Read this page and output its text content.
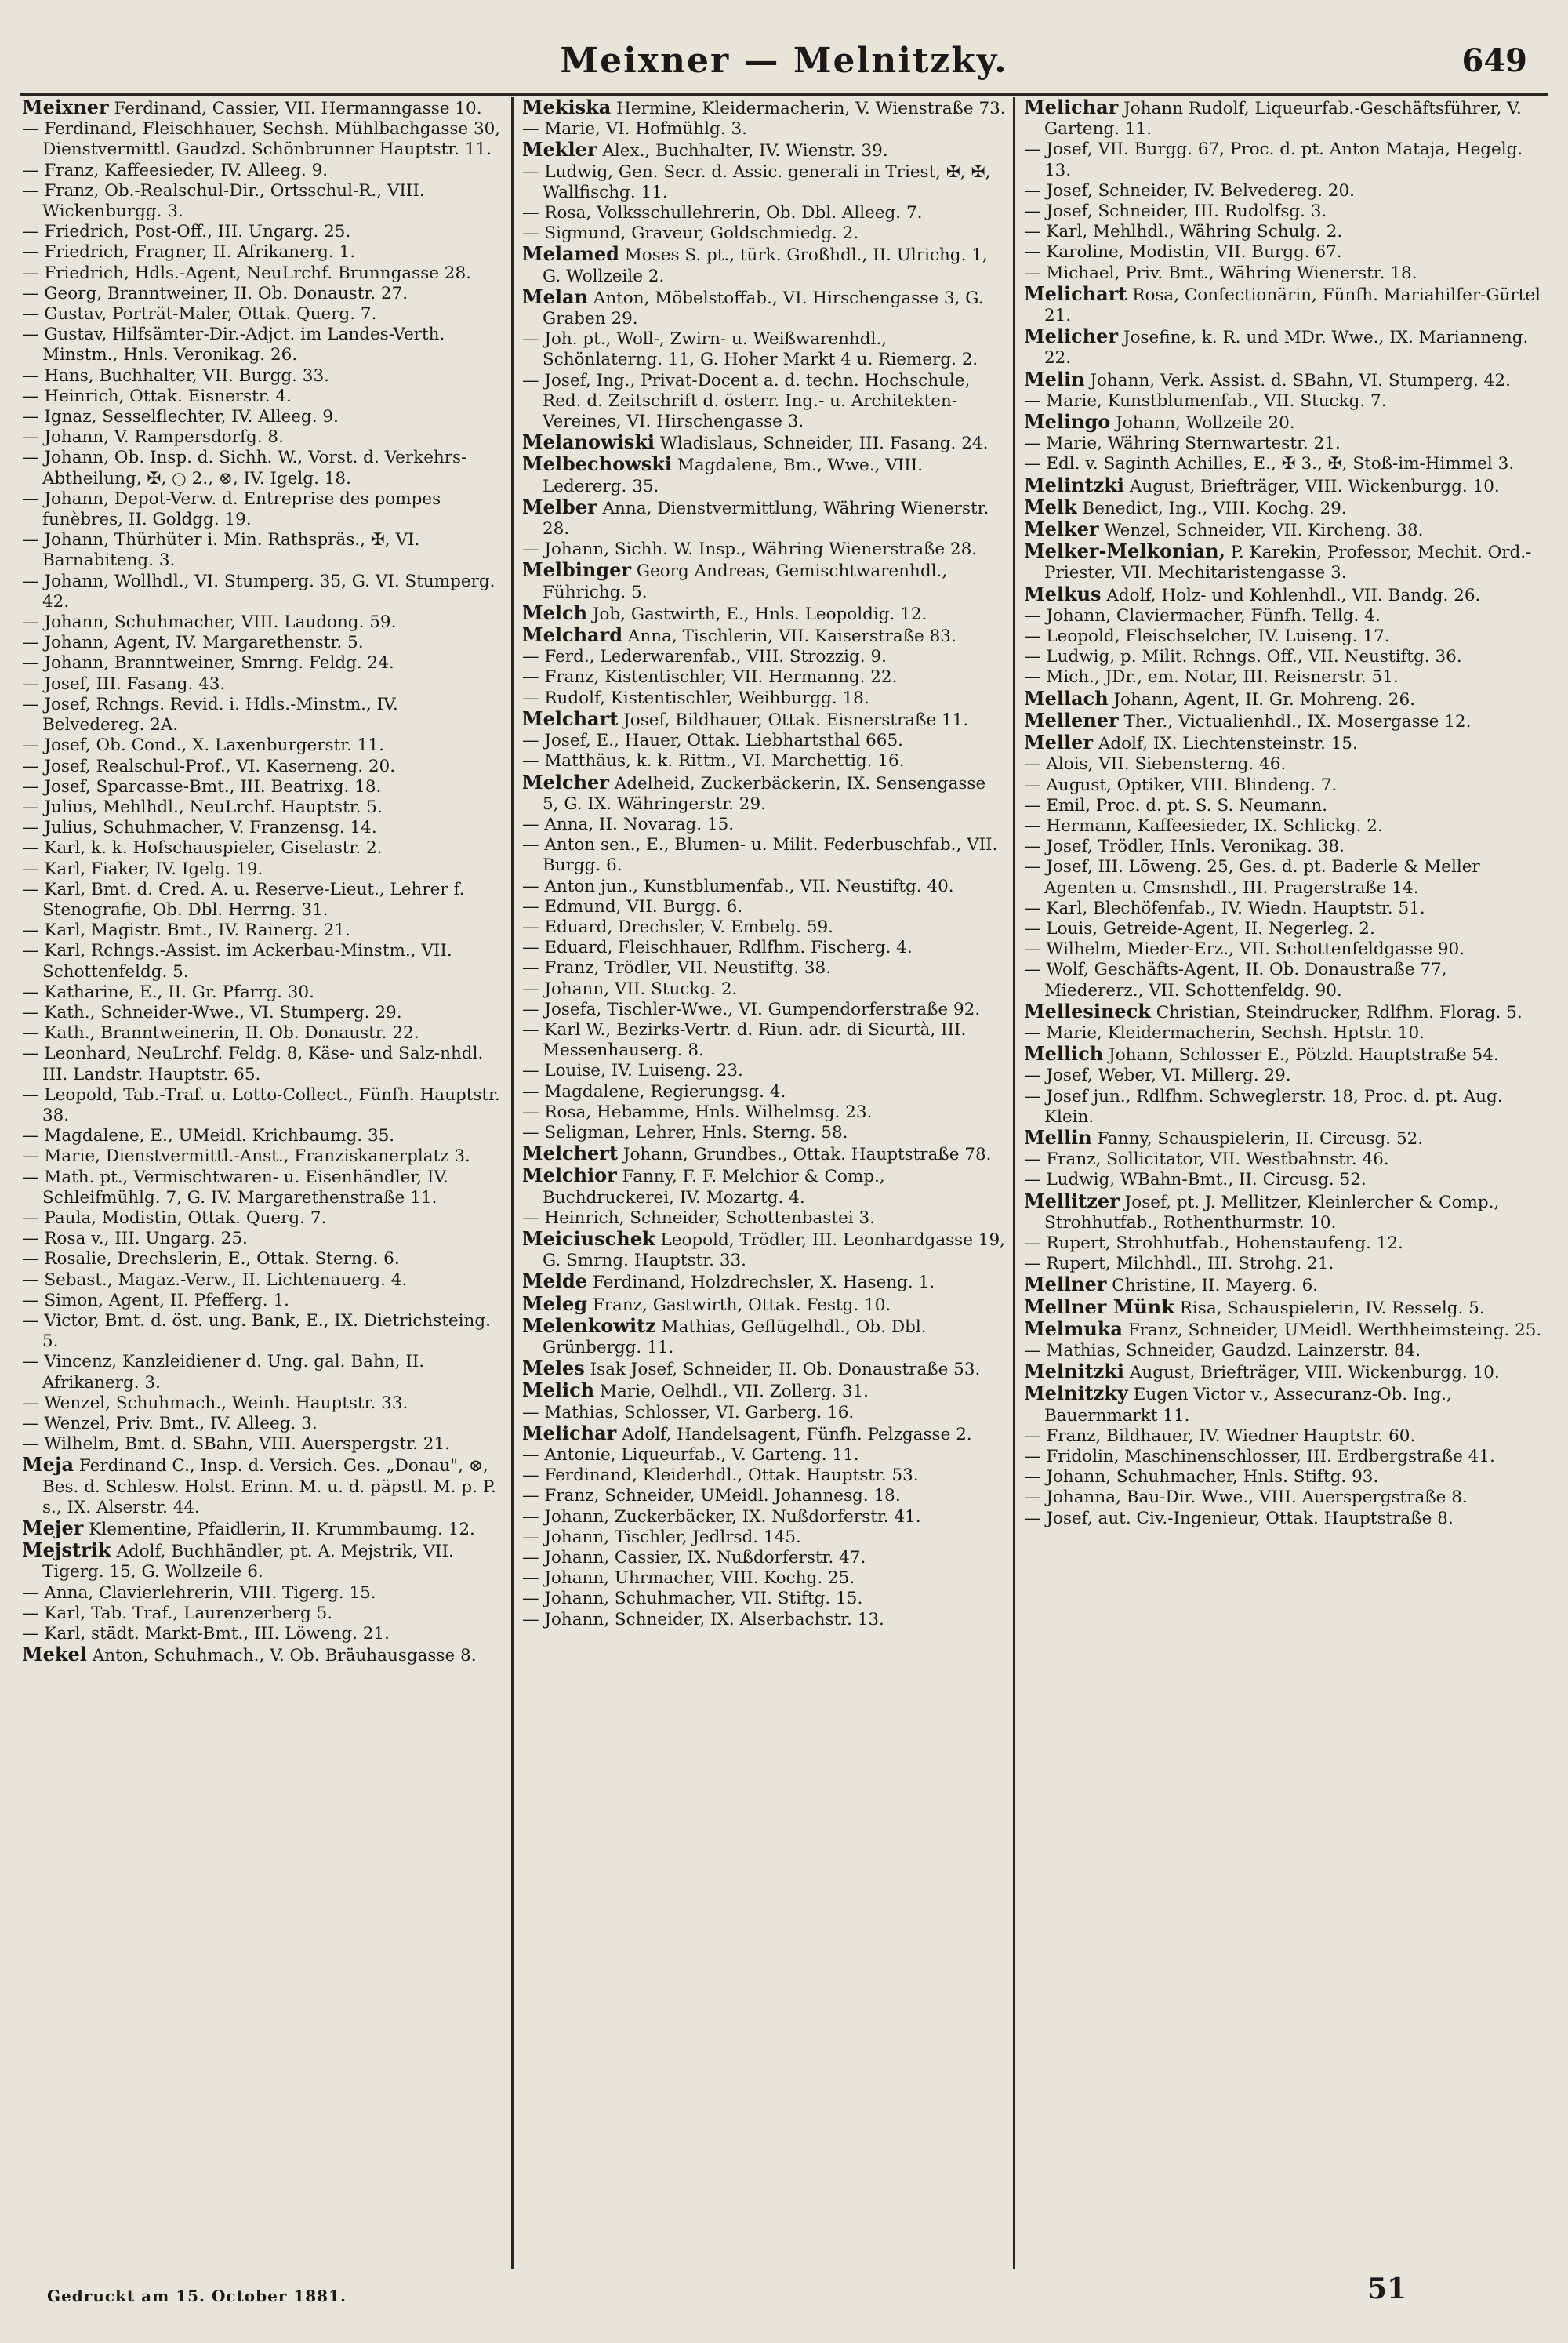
Meixner — Melnitzky.	649

Meixner Ferdinand, Cassier, VII. Hermanngasse 10.

— Ferdinand, Fleischhauer, Sechsh. Mühlbachgasse 30, Dienstvermittl. Gaudzd. Schönbrunner Hauptstr. 11.

— Franz, Kaffeesieder, IV. Alleeg. 9.

— Franz, Ob.-Realschul-Dir., Ortsschul-R., VIII. Wickenburgg. 3.

— Friedrich, Post-Off., III. Ungarg. 25.

— Friedrich, Fragner, II. Afrikanerg. 1.

— Friedrich, Hdls.-Agent, NeuLrchf. Brunngasse 28.

— Georg, Branntweiner, II. Ob. Donaustr. 27.

— Gustav, Porträt-Maler, Ottak. Querg. 7.

— Gustav, Hilfsämter-Dir.-Adjct. im Landes-Verth. Minstm., Hnls. Veronikag. 26.

— Hans, Buchhalter, VII. Burgg. 33.

— Heinrich, Ottak. Eisnerstr. 4.

— Ignaz, Sesselflechter, IV. Alleeg. 9.

— Johann, V. Rampersdorfg. 8.

— Johann, Ob. Insp. d. Sichh. W., Vorst. d. Verkehrs-Abtheilung, ✠, ○ 2., ⊗, IV. Igelg. 18.

— Johann, Depot-Verw. d. Entreprise des pompes funèbres, II. Goldgg. 19.

— Johann, Thürhüter i. Min. Rathspräs., ✠, VI. Barnabiteng. 3.

— Johann, Wollhdl., VI. Stumperg. 35, G. VI. Stumperg. 42.

— Johann, Schuhmacher, VIII. Laudong. 59.

— Johann, Agent, IV. Margarethenstr. 5.

— Johann, Branntweiner, Smrng. Feldg. 24.

— Josef, III. Fasang. 43.

— Josef, Rchngs. Revid. i. Hdls.-Minstm., IV. Belvedereg. 2A.

— Josef, Ob. Cond., X. Laxenburgerstr. 11.

— Josef, Realschul-Prof., VI. Kaserneng. 20.

— Josef, Sparcasse-Bmt., III. Beatrixg. 18.

— Julius, Mehlhdl., NeuLrchf. Hauptstr. 5.

— Julius, Schuhmacher, V. Franzensg. 14.

— Karl, k. k. Hofschauspieler, Giselastr. 2.

— Karl, Fiaker, IV. Igelg. 19.

— Karl, Bmt. d. Cred. A. u. Reserve-Lieut., Lehrer f. Stenografie, Ob. Dbl. Herrng. 31.

— Karl, Magistr. Bmt., IV. Rainerg. 21.

— Karl, Rchngs.-Assist. im Ackerbau-Minstm., VII. Schottenfeldg. 5.

— Katharine, E., II. Gr. Pfarrg. 30.

— Kath., Schneider-Wwe., VI. Stumperg. 29.

— Kath., Branntweinerin, II. Ob. Donaustr. 22.

— Leonhard, NeuLrchf. Feldg. 8, Käse- und Salz-nhdl. III. Landstr. Hauptstr. 65.

— Leopold, Tab.-Traf. u. Lotto-Collect., Fünfh. Hauptstr. 38.

— Magdalene, E., UMeidl. Krichbaumg. 35.

— Marie, Dienstvermittl.-Anst., Franziskanerplatz 3.

— Math. pt., Vermischtwaren- u. Eisenhändler, IV. Schleifmühlg. 7, G. IV. Margarethenstraße 11.

— Paula, Modistin, Ottak. Querg. 7.

— Rosa v., III. Ungarg. 25.

— Rosalie, Drechslerin, E., Ottak. Sterng. 6.

— Sebast., Magaz.-Verw., II. Lichtenauerg. 4.

— Simon, Agent, II. Pfefferg. 1.

— Victor, Bmt. d. öst. ung. Bank, E., IX. Dietrichsteing. 5.

— Vincenz, Kanzleidiener d. Ung. gal. Bahn, II. Afrikanerg. 3.

— Wenzel, Schuhmach., Weinh. Hauptstr. 33.

— Wenzel, Priv. Bmt., IV. Alleeg. 3.

— Wilhelm, Bmt. d. SBahn, VIII. Auerspergstr. 21.

Meja Ferdinand C., Insp. d. Versich. Ges. „Donau", ⊗, Bes. d. Schlesw. Holst. Erinn. M. u. d. päpstl. M. p. P. s., IX. Alserstr. 44.

Mejer Klementine, Pfaidlerin, II. Krummbaumg. 12.

Mejstrik Adolf, Buchhändler, pt. A. Mejstrik, VII. Tigerg. 15, G. Wollzeile 6.

— Anna, Clavierlehrerin, VIII. Tigerg. 15.

— Karl, Tab. Traf., Laurenzerberg 5.

— Karl, städt. Markt-Bmt., III. Löweng. 21.

Mekel Anton, Schuhmach., V. Ob. Bräuhausgasse 8.

Mekiska Hermine, Kleidermacherin, V. Wienstraße 73.

— Marie, VI. Hofmühlg. 3.

Mekler Alex., Buchhalter, IV. Wienstr. 39.

— Ludwig, Gen. Secr. d. Assic. generali in Triest, ✠, ✠, Wallfischg. 11.

— Rosa, Volksschullehrerin, Ob. Dbl. Alleeg. 7.

— Sigmund, Graveur, Goldschmiedg. 2.

Melamed Moses S. pt., türk. Großhdl., II. Ulrichg. 1, G. Wollzeile 2.

Melan Anton, Möbelstoffab., VI. Hirschengasse 3, G. Graben 29.

— Joh. pt., Woll-, Zwirn- u. Weißwarenhdl., Schönlaterng. 11, G. Hoher Markt 4 u. Riemerg. 2.

— Josef, Ing., Privat-Docent a. d. techn. Hochschule, Red. d. Zeitschrift d. österr. Ing.- u. Architekten-Vereines, VI. Hirschengasse 3.

Melanowiski Wladislaus, Schneider, III. Fasang. 24.

Melbechowski Magdalene, Bm., Wwe., VIII. Ledererg. 35.

Melber Anna, Dienstvermittlung, Währing Wienerstr. 28.

— Johann, Sichh. W. Insp., Währing Wienerstraße 28.

Melbinger Georg Andreas, Gemischtwarenhdl., Führichg. 5.

Melch Job, Gastwirth, E., Hnls. Leopoldig. 12.

Melchard Anna, Tischlerin, VII. Kaiserstraße 83.

— Ferd., Lederwarenfab., VIII. Strozzig. 9.

— Franz, Kistentischler, VII. Hermanng. 22.

— Rudolf, Kistentischler, Weihburgg. 18.

Melchart Josef, Bildhauer, Ottak. Eisnerstraße 11.

— Josef, E., Hauer, Ottak. Liebhartsthal 665.

— Matthäus, k. k. Rittm., VI. Marchettig. 16.

Melcher Adelheid, Zuckerbäckerin, IX. Sensengasse 5, G. IX. Währingerstr. 29.

— Anna, II. Novarag. 15.

— Anton sen., E., Blumen- u. Milit. Federbuschfab., VII. Burgg. 6.

— Anton jun., Kunstblumenfab., VII. Neustiftg. 40.

— Edmund, VII. Burgg. 6.

— Eduard, Drechsler, V. Embelg. 59.

— Eduard, Fleischhauer, Rdlfhm. Fischerg. 4.

— Franz, Trödler, VII. Neustiftg. 38.

— Johann, VII. Stuckg. 2.

— Josefa, Tischler-Wwe., VI. Gumpendorferstraße 92.

— Karl W., Bezirks-Vertr. d. Riun. adr. di Sicurtà, III. Messenhauserg. 8.

— Louise, IV. Luiseng. 23.

— Magdalene, Regierungsg. 4.

— Rosa, Hebamme, Hnls. Wilhelmsg. 23.

— Seligman, Lehrer, Hnls. Sterng. 58.

Melchert Johann, Grundbes., Ottak. Hauptstraße 78.

Melchior Fanny, F. F. Melchior & Comp., Buchdruckerei, IV. Mozartg. 4.

— Heinrich, Schneider, Schottenbastei 3.

Meiciuschek Leopold, Trödler, III. Leonhardgasse 19, G. Smrng. Hauptstr. 33.

Melde Ferdinand, Holzdrechsler, X. Haseng. 1.

Meleg Franz, Gastwirth, Ottak. Festg. 10.

Melenkowitz Mathias, Geflügelhdl., Ob. Dbl. Grünbergg. 11.

Meles Isak Josef, Schneider, II. Ob. Donaustraße 53.

Melich Marie, Oelhdl., VII. Zollerg. 31.

— Mathias, Schlosser, VI. Garberg. 16.

Melichar Adolf, Handelsagent, Fünfh. Pelzgasse 2.

— Antonie, Liqueurfab., V. Garteng. 11.

— Ferdinand, Kleiderhdl., Ottak. Hauptstr. 53.

— Franz, Schneider, UMeidl. Johannesg. 18.

— Johann, Zuckerbäcker, IX. Nußdorferstr. 41.

— Johann, Tischler, Jedlrsd. 145.

— Johann, Cassier, IX. Nußdorferstr. 47.

— Johann, Uhrmacher, VIII. Kochg. 25.

— Johann, Schuhmacher, VII. Stiftg. 15.

— Johann, Schneider, IX. Alserbachstr. 13.

Melichar Johann Rudolf, Liqueurfab.-Geschäftsführer, V. Garteng. 11.

— Josef, VII. Burgg. 67, Proc. d. pt. Anton Mataja, Hegelg. 13.

— Josef, Schneider, IV. Belvedereg. 20.

— Josef, Schneider, III. Rudolfsg. 3.

— Karl, Mehlhdl., Währing Schulg. 2.

— Karoline, Modistin, VII. Burgg. 67.

— Michael, Priv. Bmt., Währing Wienerstr. 18.

Melichart Rosa, Confectionärin, Fünfh. Mariahilfer-Gürtel 21.

Melicher Josefine, k. R. und MDr. Wwe., IX. Marianneng. 22.

Melin Johann, Verk. Assist. d. SBahn, VI. Stumperg. 42.

— Marie, Kunstblumenfab., VII. Stuckg. 7.

Melingo Johann, Wollzeile 20.

— Marie, Währing Sternwartestr. 21.

— Edl. v. Saginth Achilles, E., ✠ 3., ✠, Stoß-im-Himmel 3.

Melintzki August, Briefträger, VIII. Wickenburgg. 10.

Melk Benedict, Ing., VIII. Kochg. 29.

Melker Wenzel, Schneider, VII. Kircheng. 38.

Melker-Melkonian, P. Karekin, Professor, Mechit. Ord.-Priester, VII. Mechitaristengasse 3.

Melkus Adolf, Holz- und Kohlenhdl., VII. Bandg. 26.

— Johann, Claviermacher, Fünfh. Tellg. 4.

— Leopold, Fleischselcher, IV. Luiseng. 17.

— Ludwig, p. Milit. Rchngs. Off., VII. Neustiftg. 36.

— Mich., JDr., em. Notar, III. Reisnerstr. 51.

Mellach Johann, Agent, II. Gr. Mohreng. 26.

Mellener Ther., Victualienhdl., IX. Mosergasse 12.

Meller Adolf, IX. Liechtensteinstr. 15.

— Alois, VII. Siebensterng. 46.

— August, Optiker, VIII. Blindeng. 7.

— Emil, Proc. d. pt. S. S. Neumann.

— Hermann, Kaffeesieder, IX. Schlickg. 2.

— Josef, Trödler, Hnls. Veronikag. 38.

— Josef, III. Löweng. 25, Ges. d. pt. Baderle & Meller Agenten u. Cmsnshdl., III. Pragerstraße 14.

— Karl, Blechöfenfab., IV. Wiedn. Hauptstr. 51.

— Louis, Getreide-Agent, II. Negerleg. 2.

— Wilhelm, Mieder-Erz., VII. Schottenfeldgasse 90.

— Wolf, Geschäfts-Agent, II. Ob. Donaustraße 77, Miedererz., VII. Schottenfeldg. 90.

Mellesineck Christian, Steindrucker, Rdlfhm. Florag. 5.

— Marie, Kleidermacherin, Sechsh. Hptstr. 10.

Mellich Johann, Schlosser E., Pötzld. Hauptstraße 54.

— Josef, Weber, VI. Millerg. 29.

— Josef jun., Rdlfhm. Schweglerstr. 18, Proc. d. pt. Aug. Klein.

Mellin Fanny, Schauspielerin, II. Circusg. 52.

— Franz, Sollicitator, VII. Westbahnstr. 46.

— Ludwig, WBahn-Bmt., II. Circusg. 52.

Mellitzer Josef, pt. J. Mellitzer, Kleinlercher & Comp., Strohhutfab., Rothenthurmstr. 10.

— Rupert, Strohhutfab., Hohenstaufeng. 12.

— Rupert, Milchhdl., III. Strohg. 21.

Mellner Christine, II. Mayerg. 6.

Mellner Münk Risa, Schauspielerin, IV. Resselg. 5.

Melmuka Franz, Schneider, UMeidl. Werthheimsteing. 25.

— Mathias, Schneider, Gaudzd. Lainzerstr. 84.

Melnitzki August, Briefträger, VIII. Wickenburgg. 10.

Melnitzky Eugen Victor v., Assecuranz-Ob. Ing., Bauernmarkt 11.

— Franz, Bildhauer, IV. Wiedner Hauptstr. 60.

— Fridolin, Maschinenschlosser, III. Erdbergstraße 41.

— Johann, Schuhmacher, Hnls. Stiftg. 93.

— Johanna, Bau-Dir. Wwe., VIII. Auerspergstraße 8.

— Josef, aut. Civ.-Ingenieur, Ottak. Hauptstraße 8.

Gedruckt am 15. October 1881.	51
